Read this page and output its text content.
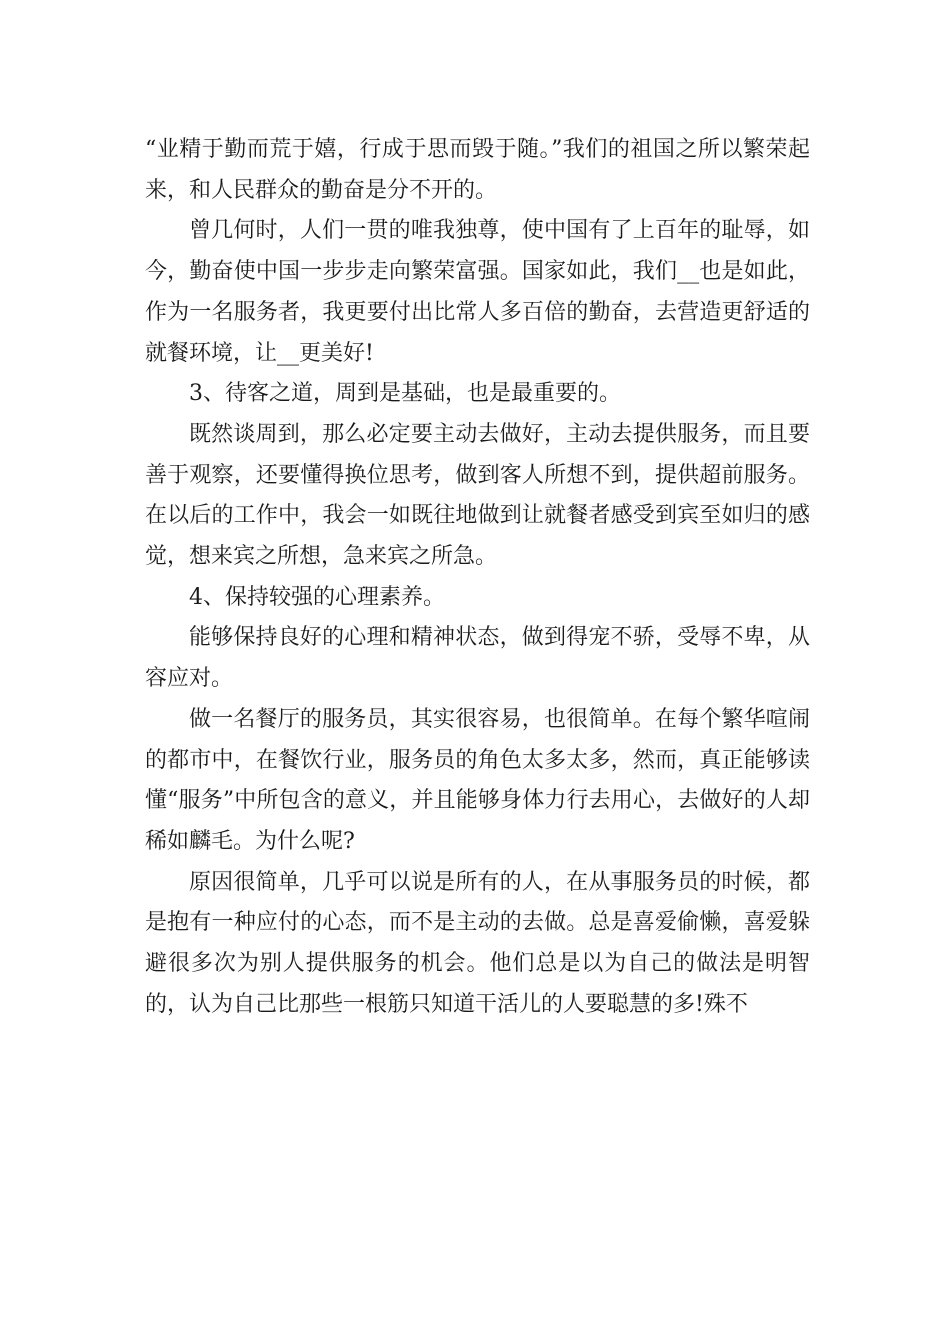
“业精于勤而荒于嬉，行成于思而毁于随。”我们的祖国之所以繁荣起来，和人民群众的勤奋是分不开的。

曾几何时，人们一贯的唯我独尊，使中国有了上百年的耻辱，如今，勤奋使中国一步步走向繁荣富强。国家如此，我们__也是如此，作为一名服务者，我更要付出比常人多百倍的勤奋，去营造更舒适的就餐环境，让__更美好!

3、待客之道，周到是基础，也是最重要的。

既然谈周到，那么必定要主动去做好，主动去提供服务，而且要善于观察，还要懂得换位思考，做到客人所想不到，提供超前服务。在以后的工作中，我会一如既往地做到让就餐者感受到宾至如归的感觉，想来宾之所想，急来宾之所急。

4、保持较强的心理素养。

能够保持良好的心理和精神状态，做到得宠不骄，受辱不卑，从容应对。

做一名餐厅的服务员，其实很容易，也很简单。在每个繁华喧闹的都市中，在餐饮行业，服务员的角色太多太多，然而，真正能够读懂“服务”中所包含的意义，并且能够身体力行去用心，去做好的人却稀如麟毛。为什么呢?

原因很简单，几乎可以说是所有的人，在从事服务员的时候，都是抱有一种应付的心态，而不是主动的去做。总是喜爱偷懒，喜爱躲避很多次为别人提供服务的机会。他们总是以为自己的做法是明智的，认为自己比那些一根筋只知道干活儿的人要聪慧的多!殊不
